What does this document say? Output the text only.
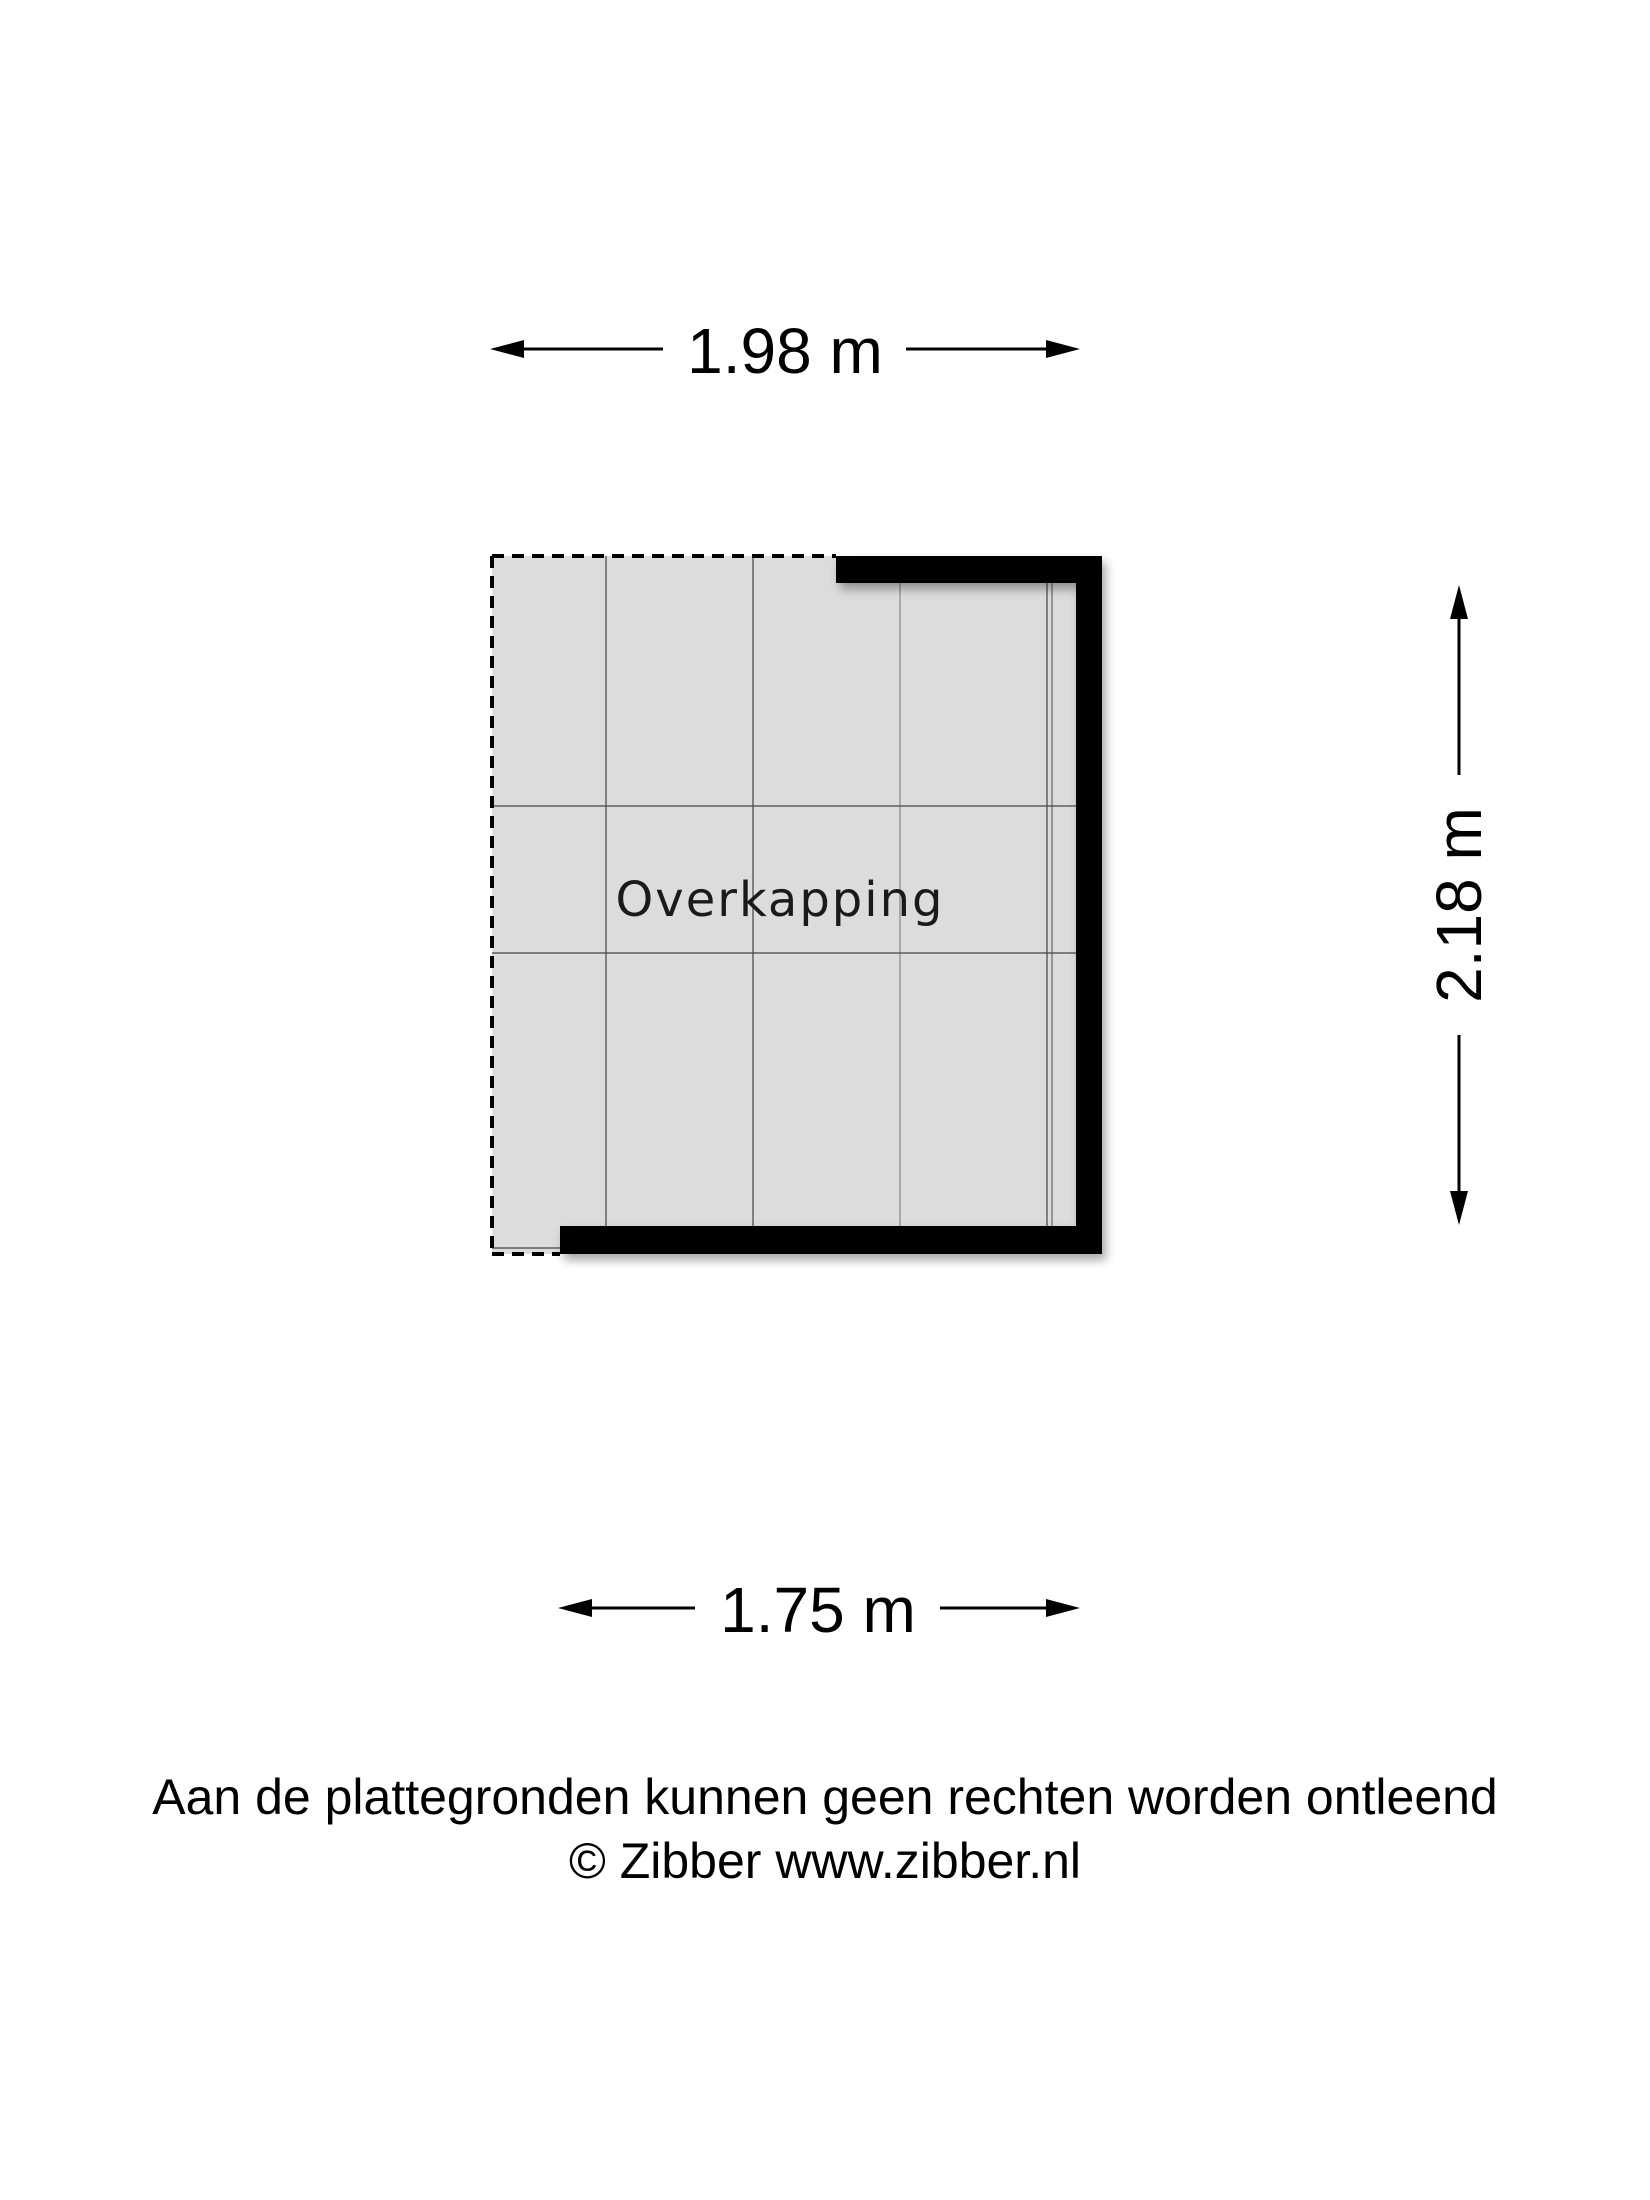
1.98 m
2.18 m
Overkapping
1.75 m
Aan de plattegronden kunnen geen rechten worden ontleend
© Zibber www.zibber.nl
